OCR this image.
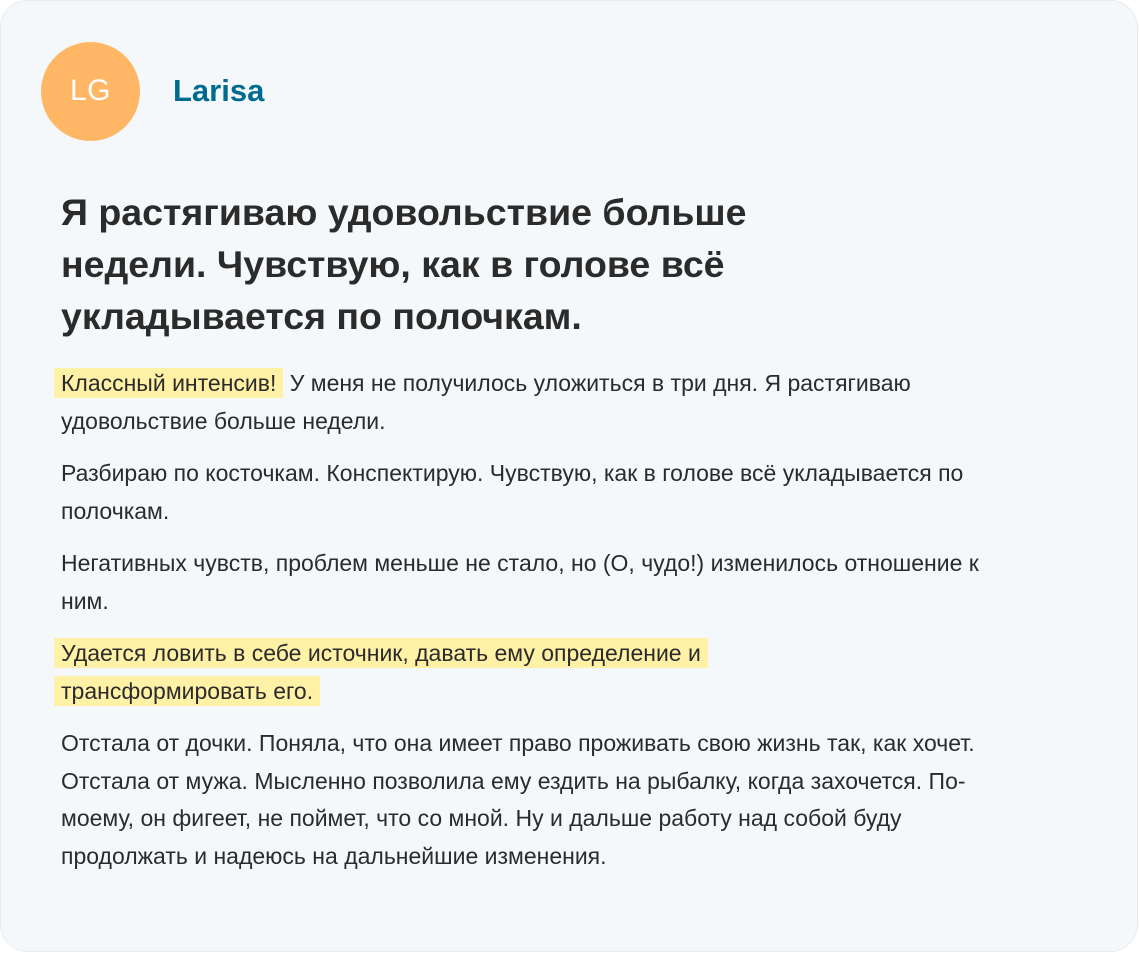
LG	Larisa
Я растягиваю удовольствие больше недели. Чувствую, как в голове всё укладывается по полочкам.

Классный интенсив! У меня не получилось уложиться в три дня. Я растягиваю удовольствие больше недели.

Разбираю по косточкам. Конспектирую. Чувствую, как в голове всё укладывается по полочкам.

Негативных чувств, проблем меньше не стало, но (О, чудо!) изменилось отношение к ним.

Удается ловить в себе источник, давать ему определение и трансформировать его.

Отстала от дочки. Поняла, что она имеет право проживать свою жизнь так, как хочет. Отстала от мужа. Мысленно позволила ему ездить на рыбалку, когда захочется. По-моему, он фигеет, не поймет, что со мной. Ну и дальше работу над собой буду продолжать и надеюсь на дальнейшие изменения.
